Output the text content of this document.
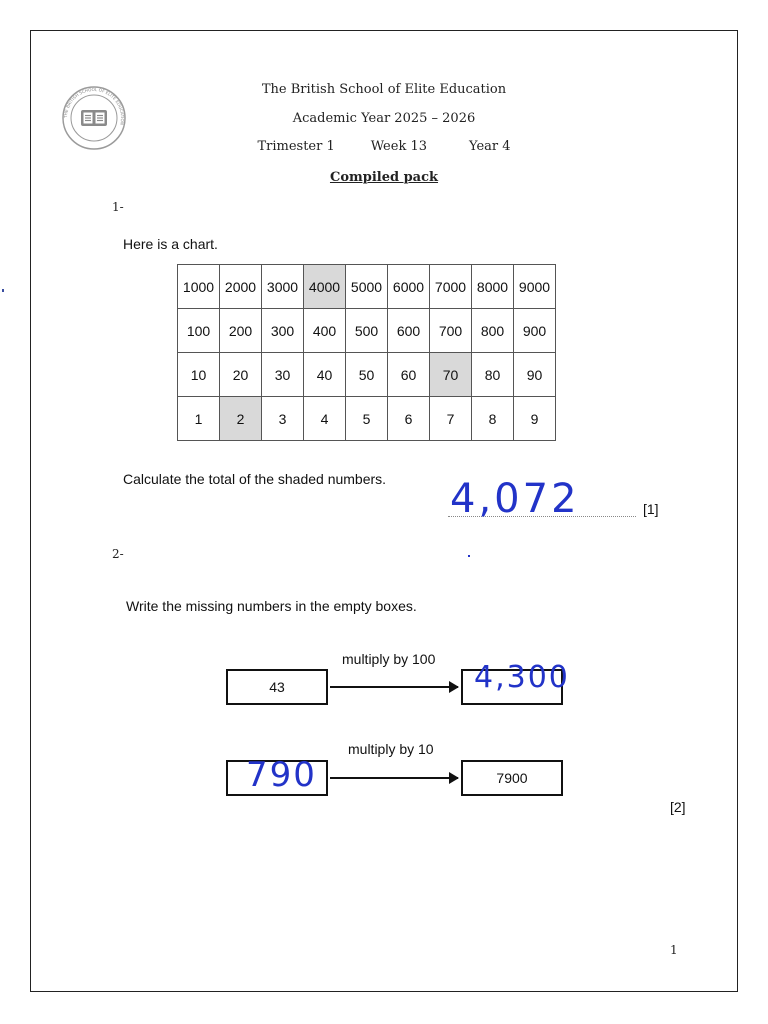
THE BRITISH SCHOOL OF ELITE EDUCATION
The British School of Elite Education
Academic Year 2025 – 2026
Trimester 1	Week 13	Year 4
Compiled pack
1-
Here is a chart.
1000	2000	3000	4000	5000	6000	7000	8000	9000
100	200	300	400	500	600	700	800	900
10	20	30	40	50	60	70	80	90
1	2	3	4	5	6	7	8	9
Calculate the total of the shaded numbers. 4,072	[1]
2-
Write the missing numbers in the empty boxes.
multiply by 100
43	4,300
multiply by 10
790	7900
[2]
1
